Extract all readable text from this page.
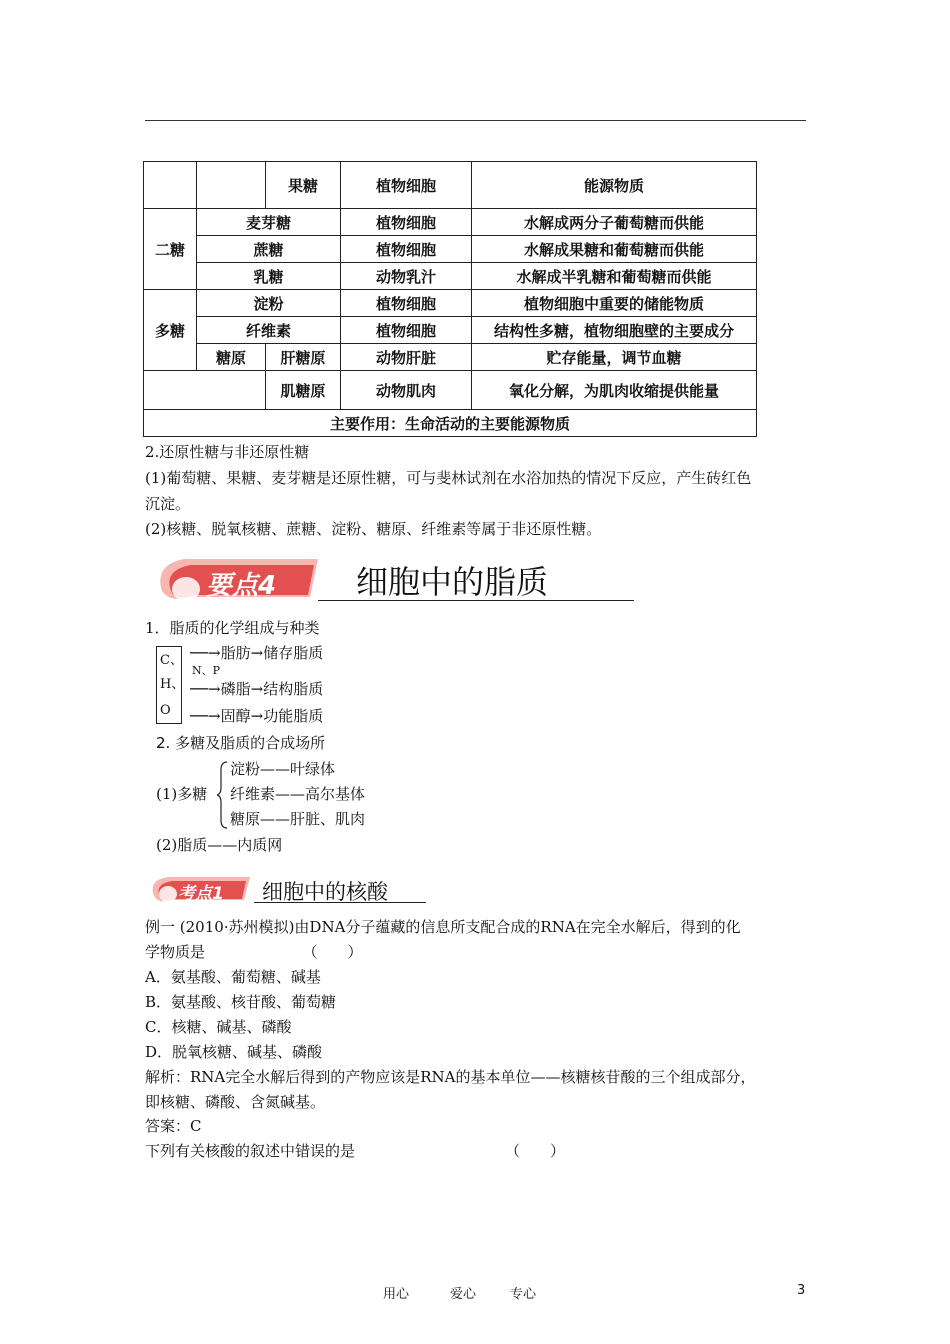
		果糖	植物细胞	能源物质
二糖	麦芽糖		植物细胞	水解成两分子葡萄糖而供能
	蔗糖		植物细胞	水解成果糖和葡萄糖而供能
	乳糖		动物乳汁	水解成半乳糖和葡萄糖而供能
多糖	淀粉		植物细胞	植物细胞中重要的储能物质
	纤维素		植物细胞	结构性多糖，植物细胞壁的主要成分
	糖原	肝糖原	动物肝脏	贮存能量，调节血糖
		肌糖原	动物肌肉	氧化分解，为肌肉收缩提供能量
主要作用：生命活动的主要能源物质				
2.还原性糖与非还原性糖
(1)葡萄糖、果糖、麦芽糖是还原性糖，可与斐林试剂在水浴加热的情况下反应，产生砖红色
沉淀。
(2)核糖、脱氧核糖、蔗糖、淀粉、糖原、纤维素等属于非还原性糖。
要点4 细胞中的脂质
1．脂质的化学组成与种类
C、
H、
O
──→脂肪→储存脂质
N、P
──→磷脂→结构脂质
──→固醇→功能脂质
2. 多糖及脂质的合成场所
(1)多糖
淀粉——叶绿体
纤维素——高尔基体
糖原——肝脏、肌肉
(2)脂质——内质网
考点1 细胞中的核酸
例一 (2010·苏州模拟)由DNA分子蕴藏的信息所支配合成的RNA在完全水解后，得到的化
学物质是　　　　　　　（　　）
A．氨基酸、葡萄糖、碱基
B．氨基酸、核苷酸、葡萄糖
C．核糖、碱基、磷酸
D．脱氧核糖、碱基、磷酸
解析：RNA完全水解后得到的产物应该是RNA的基本单位——核糖核苷酸的三个组成部分，
即核糖、磷酸、含氮碱基。
答案：C
下列有关核酸的叙述中错误的是	（　　）
用心	爱心	专心	3
